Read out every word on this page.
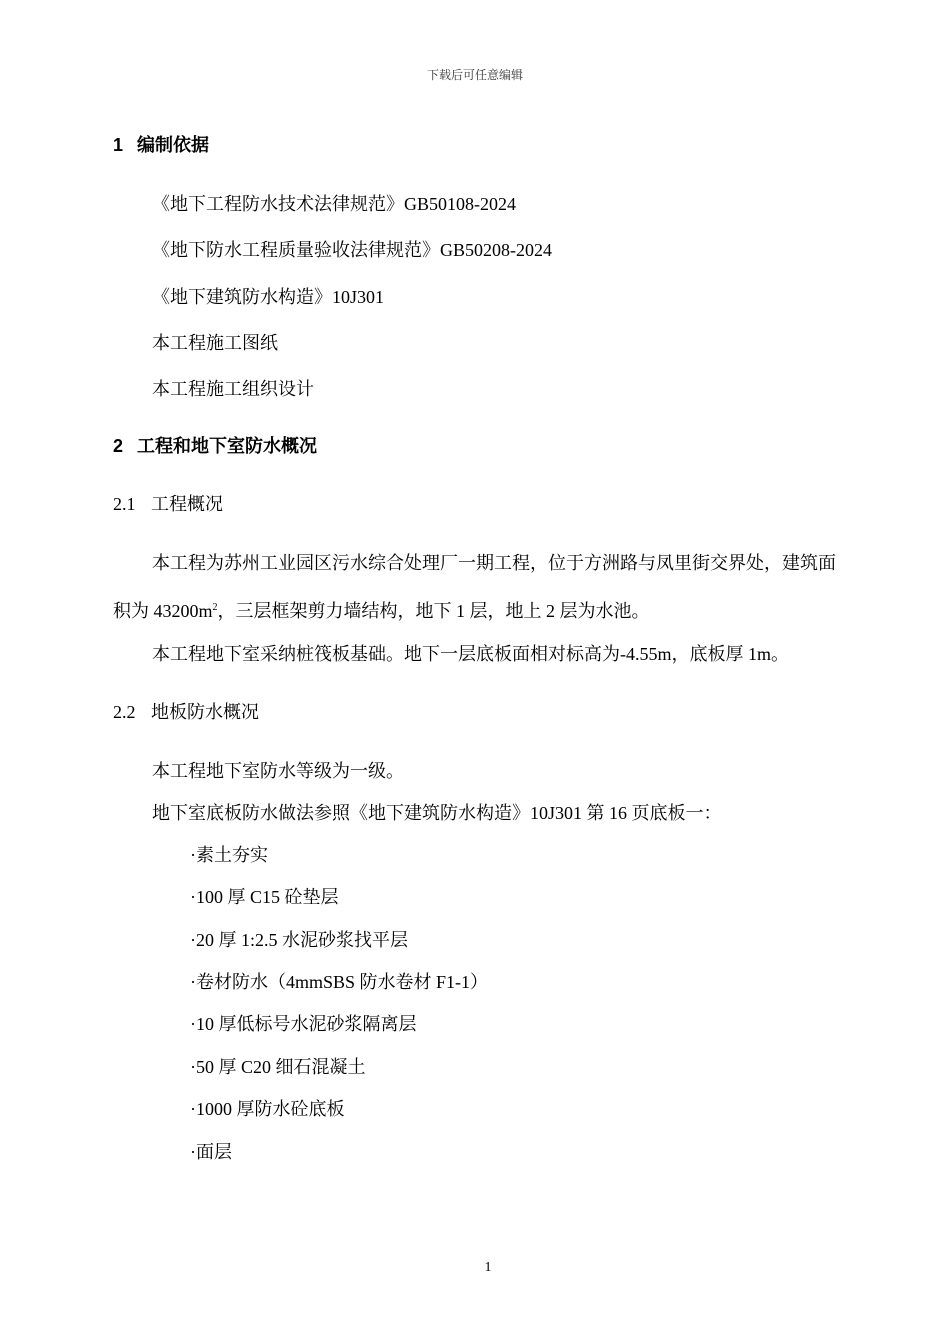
下载后可任意编辑
1 编制依据
《地下工程防水技术法律规范》GB50108-2024
《地下防水工程质量验收法律规范》GB50208-2024
《地下建筑防水构造》10J301
本工程施工图纸
本工程施工组织设计
2 工程和地下室防水概况
2.1 工程概况
本工程为苏州工业园区污水综合处理厂一期工程，位于方洲路与凤里街交界处，建筑面
积为 $43200m^2$，三层框架剪力墙结构，地下 1 层，地上 2 层为水池。
本工程地下室采纳桩筏板基础。地下一层底板面相对标高为-4.55m，底板厚 1m。
2.2 地板防水概况
本工程地下室防水等级为一级。
地下室底板防水做法参照《地下建筑防水构造》10J301 第 16 页底板一：
·素土夯实
·100 厚 C15 砼垫层
·20 厚 1:2.5 水泥砂浆找平层
·卷材防水（4mmSBS 防水卷材 F1-1）
·10 厚低标号水泥砂浆隔离层
·50 厚 C20 细石混凝土
·1000 厚防水砼底板
·面层
1
